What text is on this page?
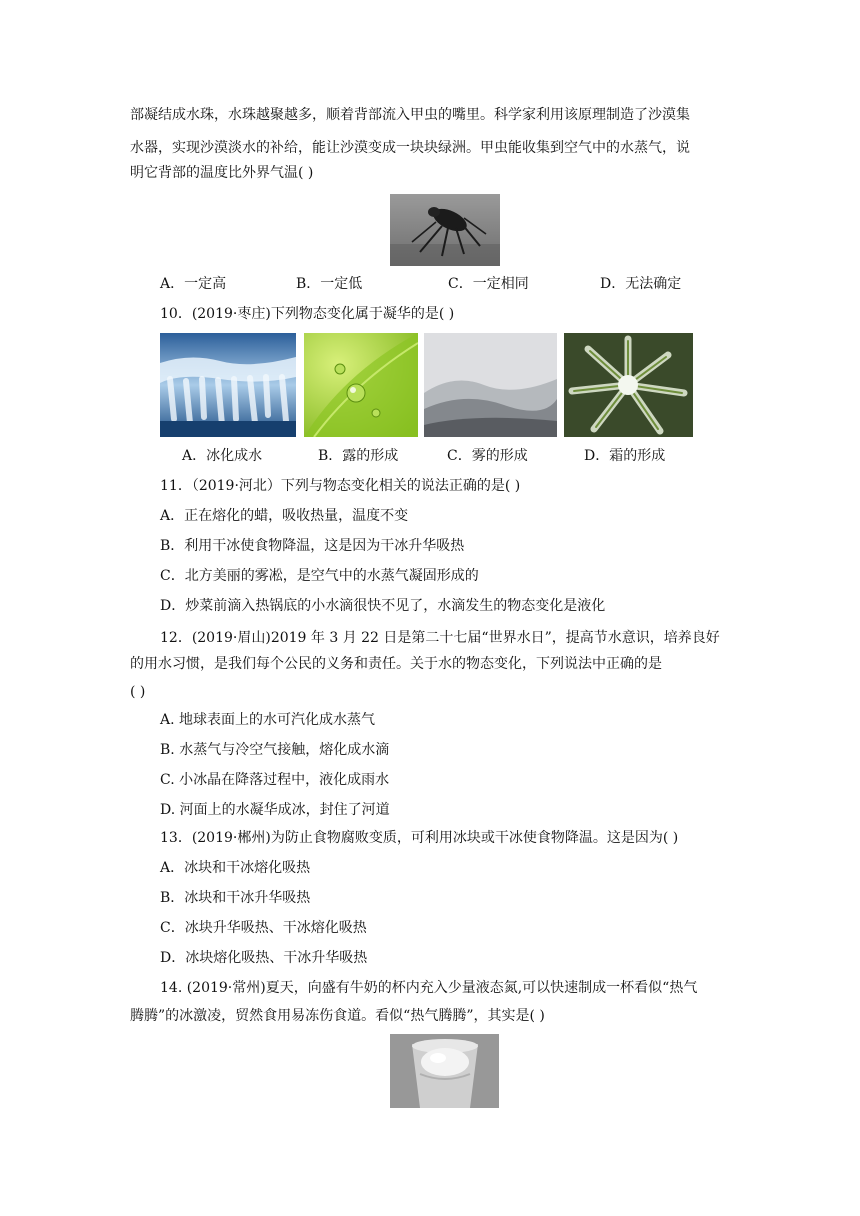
部凝结成水珠，水珠越聚越多，顺着背部流入甲虫的嘴里。科学家利用该原理制造了沙漠集
水器，实现沙漠淡水的补给，能让沙漠变成一块块绿洲。甲虫能收集到空气中的水蒸气，说
明它背部的温度比外界气温( )
A．一定高	B．一定低	C．一定相同	D．无法确定
10．(2019·枣庄)下列物态变化属于凝华的是( )
A．冰化成水	B．露的形成	C．雾的形成	D．霜的形成
11．（2019·河北）下列与物态变化相关的说法正确的是( )
A．正在熔化的蜡，吸收热量，温度不变
B．利用干冰使食物降温，这是因为干冰升华吸热
C．北方美丽的雾凇，是空气中的水蒸气凝固形成的
D．炒菜前滴入热锅底的小水滴很快不见了，水滴发生的物态变化是液化
12．(2019·眉山)2019 年 3 月 22 日是第二十七届“世界水日”，提高节水意识，培养良好
的用水习惯，是我们每个公民的义务和责任。关于水的物态变化，下列说法中正确的是
( )
A. 地球表面上的水可汽化成水蒸气
B. 水蒸气与冷空气接触，熔化成水滴
C. 小冰晶在降落过程中，液化成雨水
D. 河面上的水凝华成冰，封住了河道
13．(2019·郴州)为防止食物腐败变质，可利用冰块或干冰使食物降温。这是因为( )
A．冰块和干冰熔化吸热
B．冰块和干冰升华吸热
C．冰块升华吸热、干冰熔化吸热
D．冰块熔化吸热、干冰升华吸热
14. (2019·常州)夏天，向盛有牛奶的杯内充入少量液态氮,可以快速制成一杯看似“热气
腾腾”的冰激凌，贸然食用易冻伤食道。看似“热气腾腾”，其实是( )
